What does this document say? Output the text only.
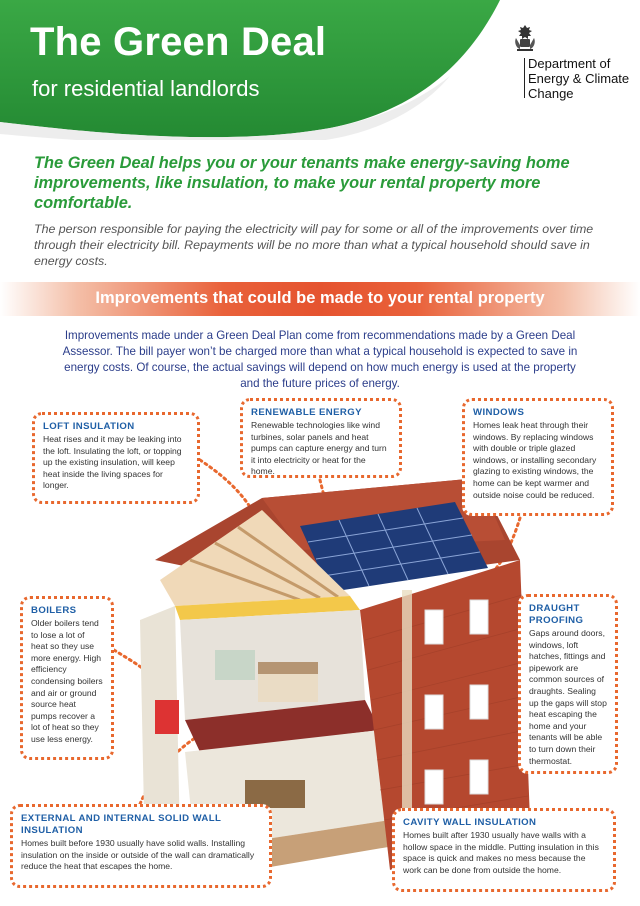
The Green Deal
for residential landlords
Department of Energy & Climate Change
The Green Deal helps you or your tenants make energy-saving home improvements, like insulation, to make your rental property more comfortable.
The person responsible for paying the electricity will pay for some or all of the improvements over time through their electricity bill. Repayments will be no more than what a typical household should save in energy costs.
Improvements that could be made to your rental property
Improvements made under a Green Deal Plan come from recommendations made by a Green Deal Assessor. The bill payer won’t be charged more than what a typical household is expected to save in energy costs. Of course, the actual savings will depend on how much energy is used at the property and the future prices of energy.
LOFT INSULATION

Heat rises and it may be leaking into the loft. Insulating the loft, or topping up the existing insulation, will keep heat inside the living spaces for longer.

RENEWABLE ENERGY

Renewable technologies like wind turbines, solar panels and heat pumps can capture energy and turn it into electricity or heat for the home.

WINDOWS

Homes leak heat through their windows. By replacing windows with double or triple glazed windows, or installing secondary glazing to existing windows, the home can be kept warmer and outside noise could be reduced.

BOILERS

Older boilers tend to lose a lot of heat so they use more energy. High efficiency condensing boilers and air or ground source heat pumps recover a lot of heat so they use less energy.

DRAUGHT PROOFING

Gaps around doors, windows, loft hatches, fittings and pipework are common sources of draughts. Sealing up the gaps will stop heat escaping the home and your tenants will be able to turn down their thermostat.

EXTERNAL AND INTERNAL SOLID WALL INSULATION

Homes built before 1930 usually have solid walls. Installing insulation on the inside or outside of the wall can dramatically reduce the heat that escapes the home.

CAVITY WALL INSULATION

Homes built after 1930 usually have walls with a hollow space in the middle. Putting insulation in this space is quick and makes no mess because the work can be done from outside the home.
